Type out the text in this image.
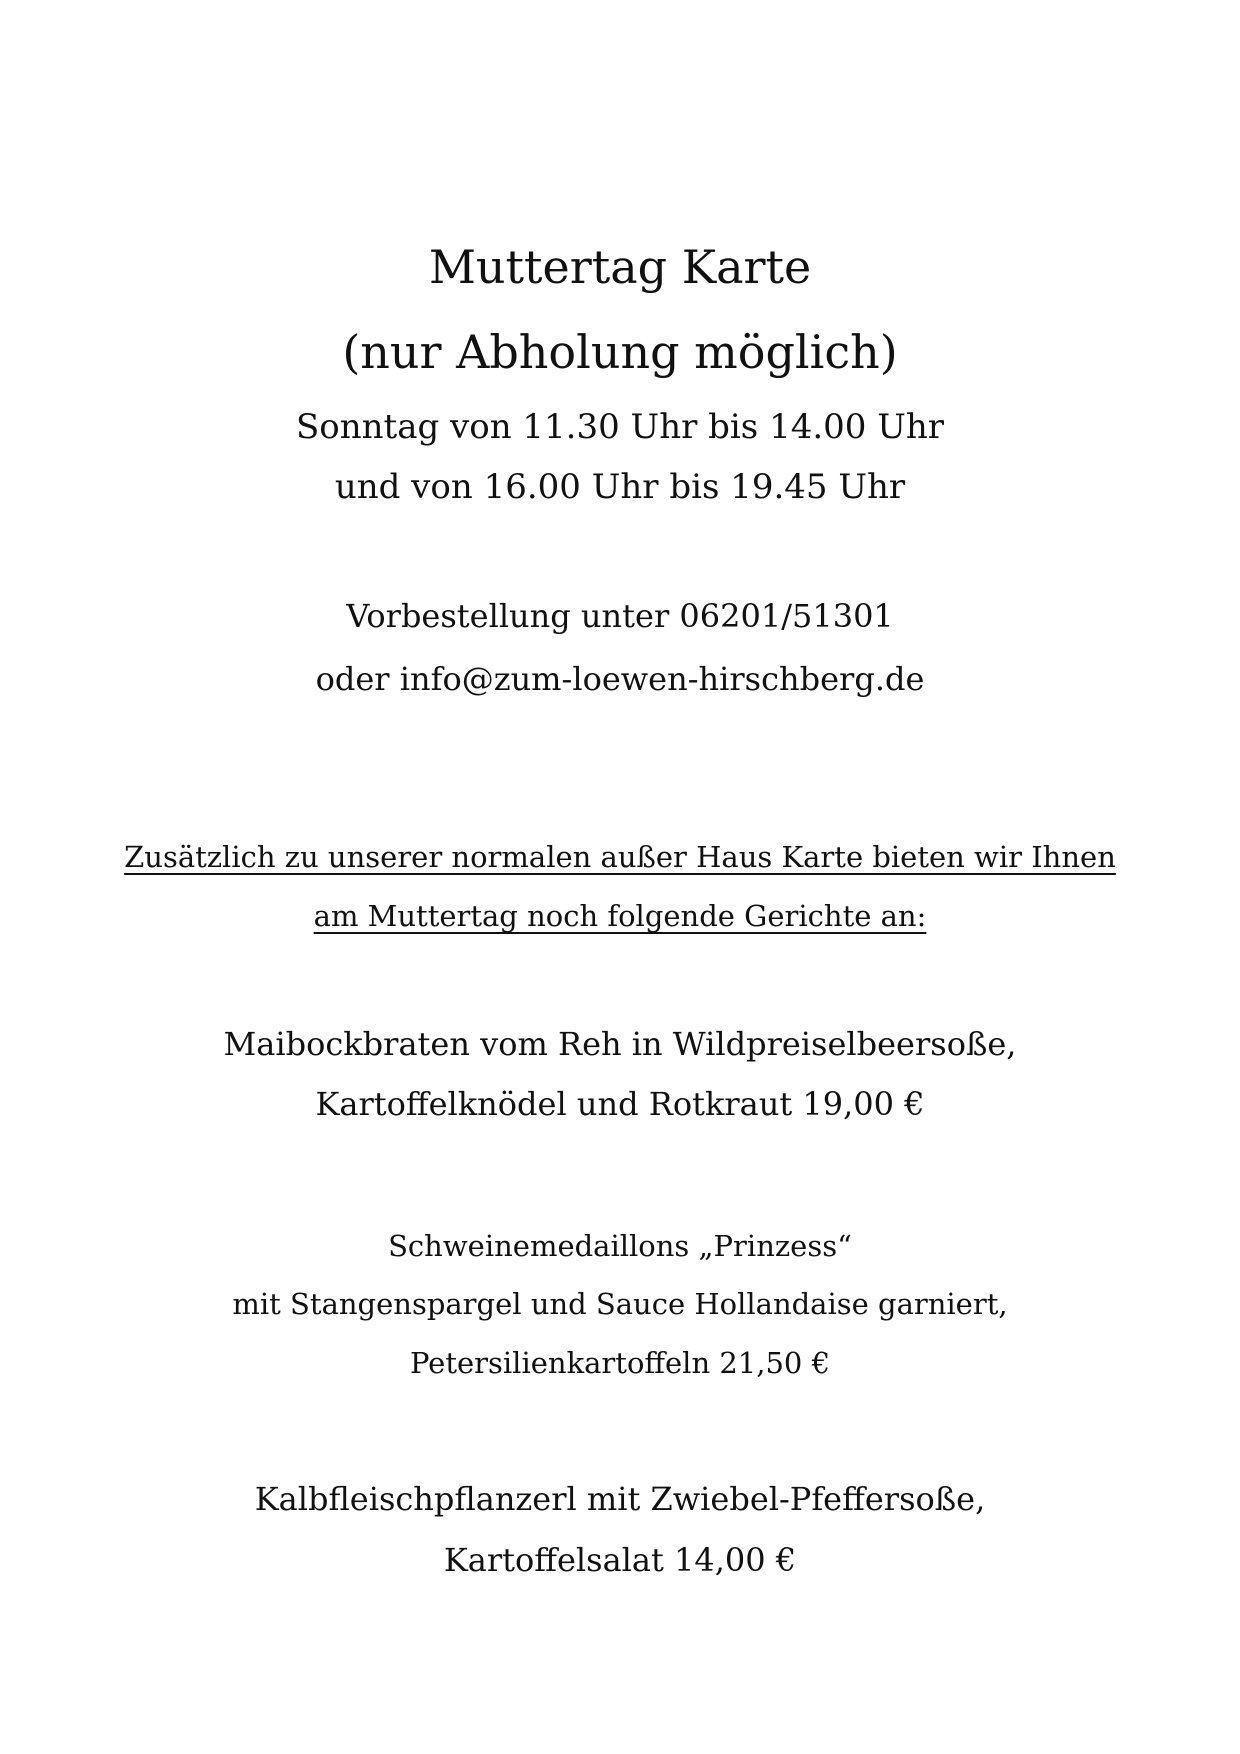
Muttertag Karte
(nur Abholung möglich)
Sonntag von 11.30 Uhr bis 14.00 Uhr
und von 16.00 Uhr bis 19.45 Uhr
Vorbestellung unter 06201/51301
oder info@zum-loewen-hirschberg.de
Zusätzlich zu unserer normalen außer Haus Karte bieten wir Ihnen
am Muttertag noch folgende Gerichte an:
Maibockbraten vom Reh in Wildpreiselbeersoße,
Kartoffelknödel und Rotkraut 19,00 €
Schweinemedaillons „Prinzess“
mit Stangenspargel und Sauce Hollandaise garniert,
Petersilienkartoffeln 21,50 €
Kalbfleischpflanzerl mit Zwiebel-Pfeffersoße,
Kartoffelsalat 14,00 €
